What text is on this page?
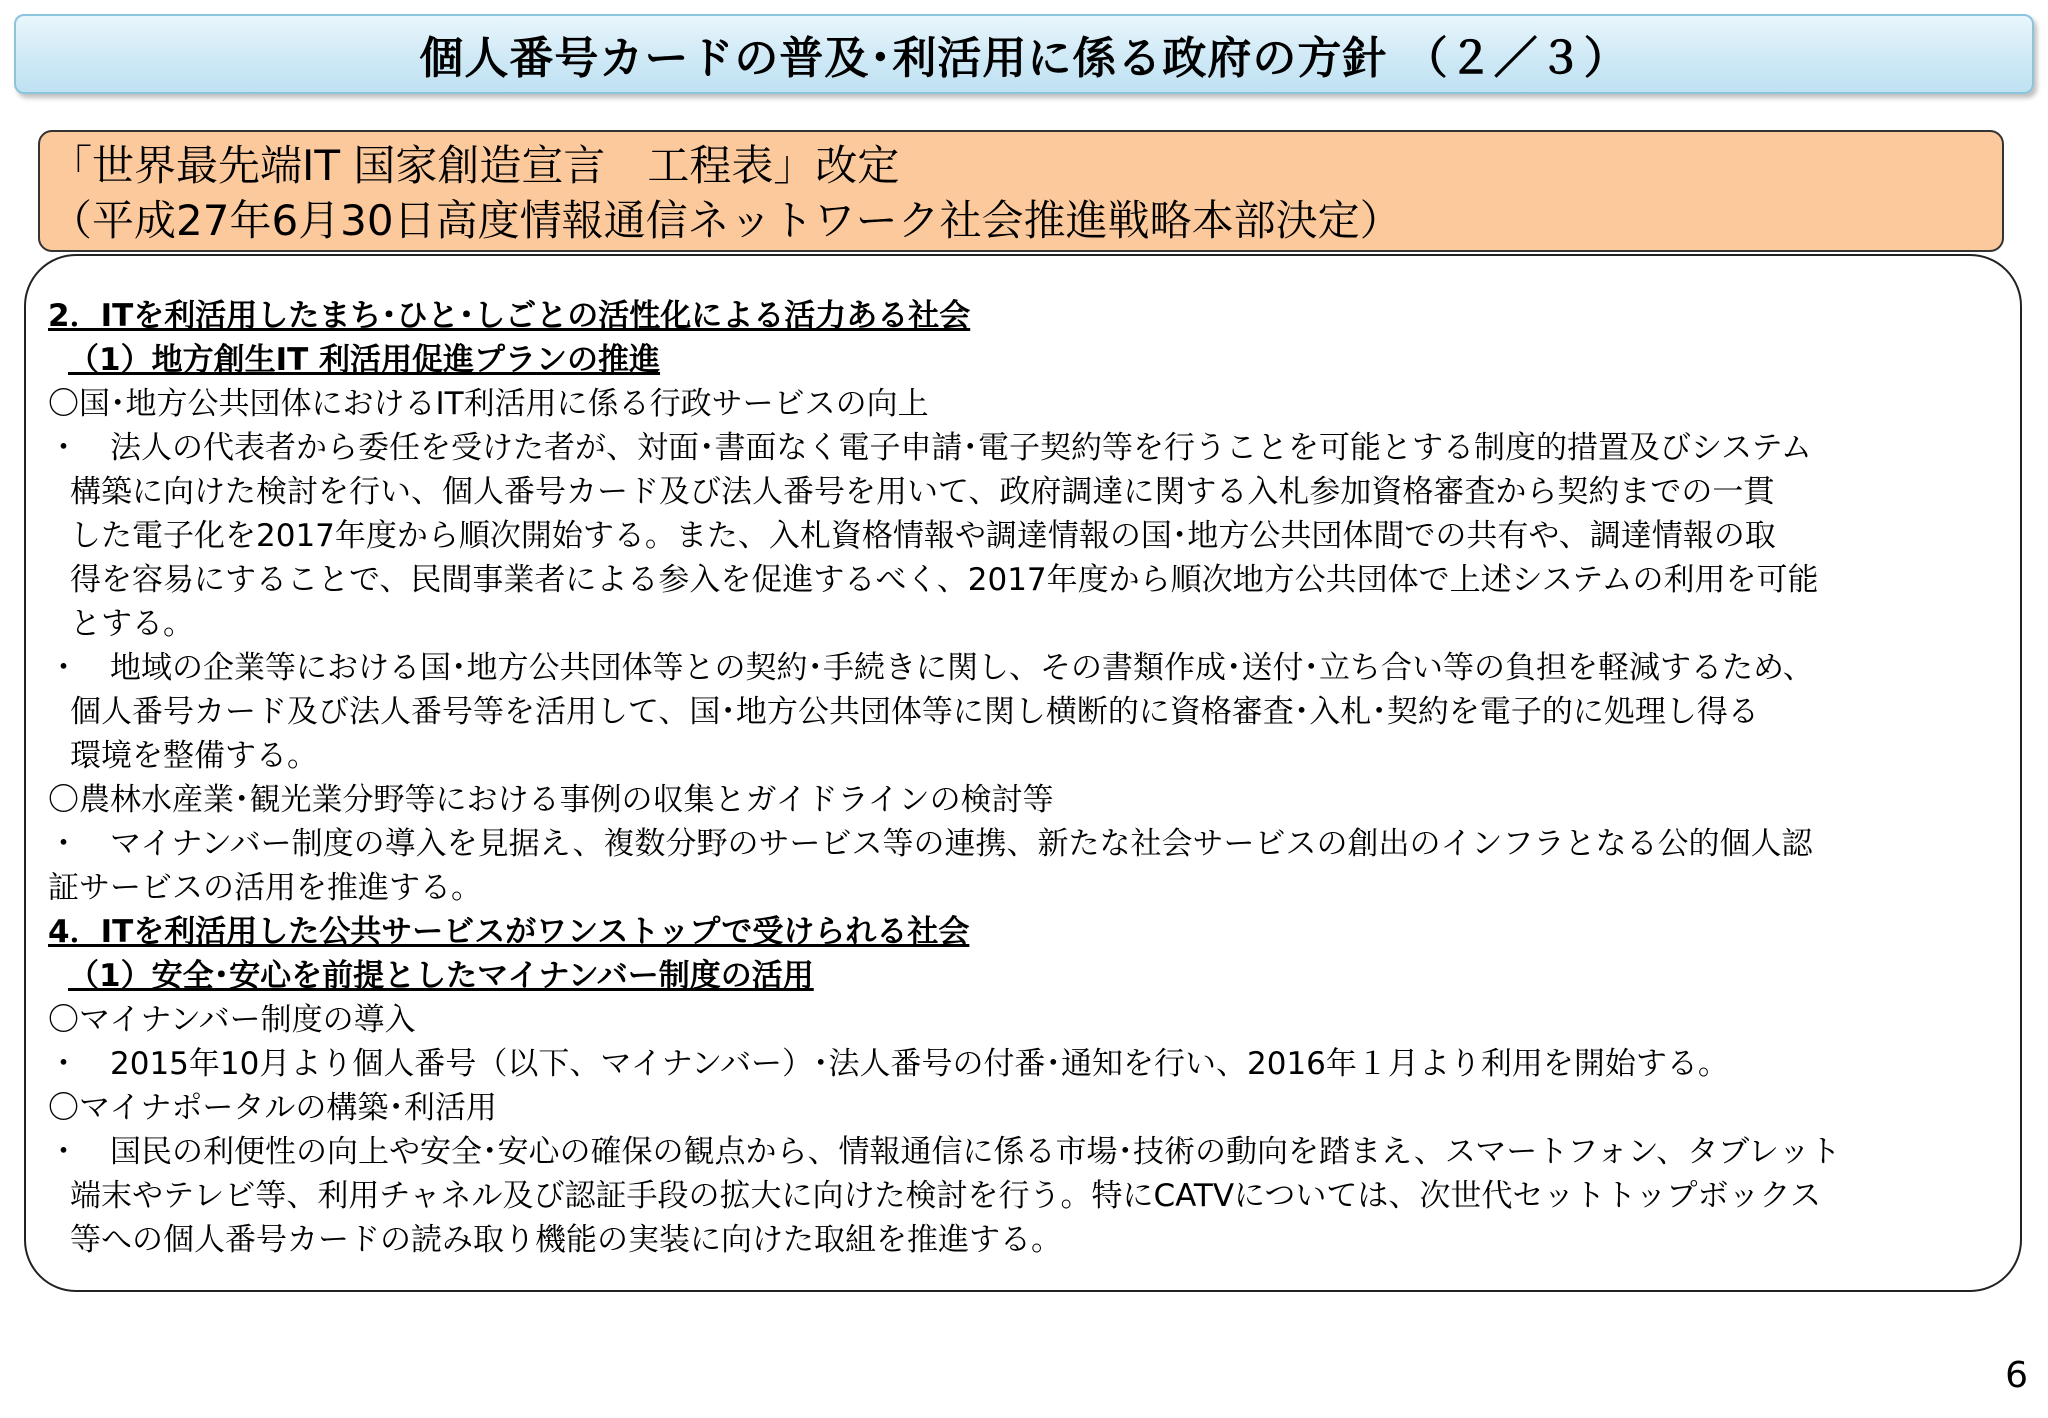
個人番号カードの普及･利活用に係る政府の方針 （２／３）
「世界最先端IT 国家創造宣言　工程表」改定
（平成27年6月30日高度情報通信ネットワーク社会推進戦略本部決定）
2．ITを利活用したまち･ひと･しごとの活性化による活力ある社会
（1）地方創生IT 利活用促進プランの推進
〇国･地方公共団体におけるIT利活用に係る行政サービスの向上
・　法人の代表者から委任を受けた者が、対面･書面なく電子申請･電子契約等を行うことを可能とする制度的措置及びシステム
構築に向けた検討を行い、個人番号カード及び法人番号を用いて、政府調達に関する入札参加資格審査から契約までの一貫
した電子化を2017年度から順次開始する。また、入札資格情報や調達情報の国･地方公共団体間での共有や、調達情報の取
得を容易にすることで、民間事業者による参入を促進するべく、2017年度から順次地方公共団体で上述システムの利用を可能
とする。
・　地域の企業等における国･地方公共団体等との契約･手続きに関し、その書類作成･送付･立ち合い等の負担を軽減するため、
個人番号カード及び法人番号等を活用して、国･地方公共団体等に関し横断的に資格審査･入札･契約を電子的に処理し得る
環境を整備する。
〇農林水産業･観光業分野等における事例の収集とガイドラインの検討等
・　マイナンバー制度の導入を見据え、複数分野のサービス等の連携、新たな社会サービスの創出のインフラとなる公的個人認
証サービスの活用を推進する。
4．ITを利活用した公共サービスがワンストップで受けられる社会
（1）安全･安心を前提としたマイナンバー制度の活用
〇マイナンバー制度の導入
・　2015年10月より個人番号（以下、マイナンバー）･法人番号の付番･通知を行い、2016年１月より利用を開始する。
〇マイナポータルの構築･利活用
・　国民の利便性の向上や安全･安心の確保の観点から、情報通信に係る市場･技術の動向を踏まえ、スマートフォン、タブレット
端末やテレビ等、利用チャネル及び認証手段の拡大に向けた検討を行う。特にCATVについては、次世代セットトップボックス
等への個人番号カードの読み取り機能の実装に向けた取組を推進する。
6
